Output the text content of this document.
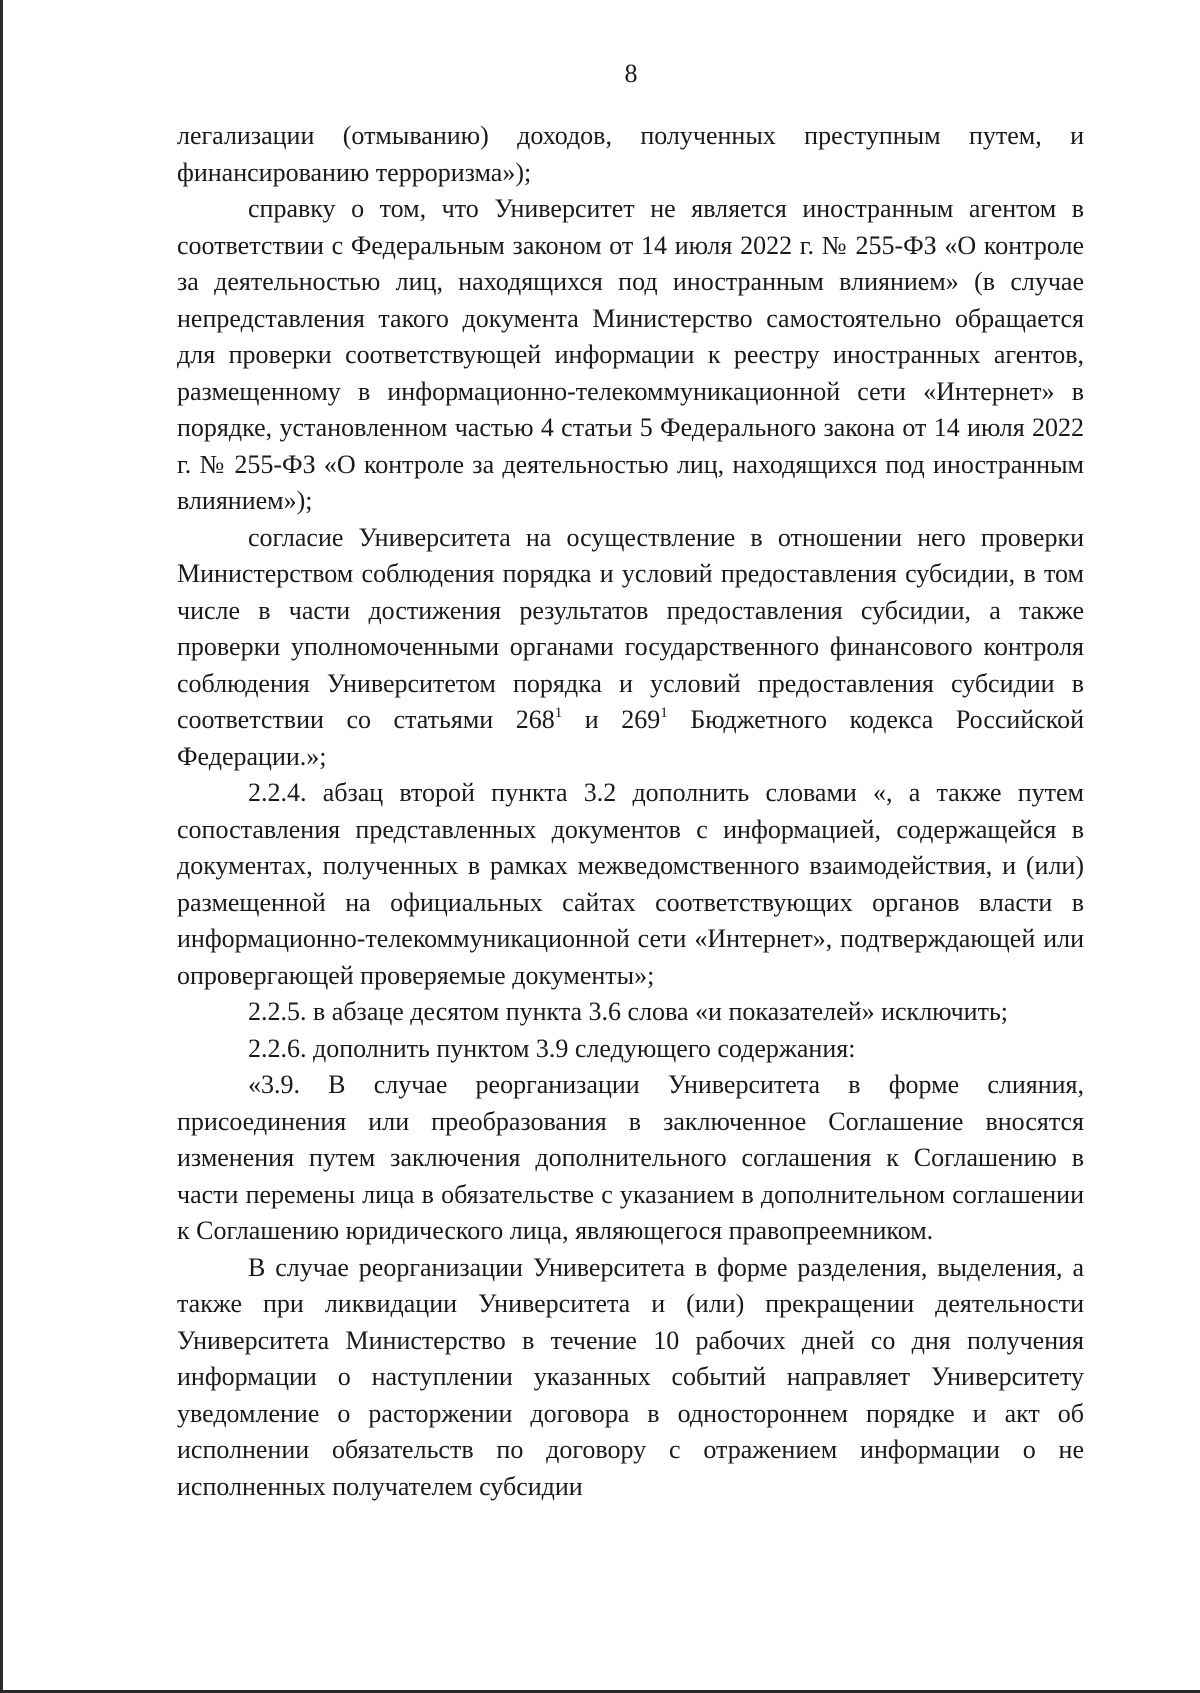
8

легализации (отмыванию) доходов, полученных преступным путем, и финансированию терроризма»);

справку о том, что Университет не является иностранным агентом в соответствии с Федеральным законом от 14 июля 2022 г. № 255-ФЗ «О контроле за деятельностью лиц, находящихся под иностранным влиянием» (в случае непредставления такого документа Министерство самостоятельно обращается для проверки соответствующей информации к реестру иностранных агентов, размещенному в информационно-телекоммуникационной сети «Интернет» в порядке, установленном частью 4 статьи 5 Федерального закона от 14 июля 2022 г. № 255-ФЗ «О контроле за деятельностью лиц, находящихся под иностранным влиянием»);

согласие Университета на осуществление в отношении него проверки Министерством соблюдения порядка и условий предоставления субсидии, в том числе в части достижения результатов предоставления субсидии, а также проверки уполномоченными органами государственного финансового контроля соблюдения Университетом порядка и условий предоставления субсидии в соответствии со статьями $268^1$ и $269^1$ Бюджетного кодекса Российской Федерации.»;

2.2.4. абзац второй пункта 3.2 дополнить словами «, а также путем сопоставления представленных документов с информацией, содержащейся в документах, полученных в рамках межведомственного взаимодействия, и (или) размещенной на официальных сайтах соответствующих органов власти в информационно-телекоммуникационной сети «Интернет», подтверждающей или опровергающей проверяемые документы»;

2.2.5. в абзаце десятом пункта 3.6 слова «и показателей» исключить;

2.2.6. дополнить пунктом 3.9 следующего содержания:

«3.9. В случае реорганизации Университета в форме слияния, присоединения или преобразования в заключенное Соглашение вносятся изменения путем заключения дополнительного соглашения к Соглашению в части перемены лица в обязательстве с указанием в дополнительном соглашении к Соглашению юридического лица, являющегося правопреемником.

В случае реорганизации Университета в форме разделения, выделения, а также при ликвидации Университета и (или) прекращении деятельности Университета Министерство в течение 10 рабочих дней со дня получения информации о наступлении указанных событий направляет Университету уведомление о расторжении договора в одностороннем порядке и акт об исполнении обязательств по договору с отражением информации о не исполненных получателем субсидии
